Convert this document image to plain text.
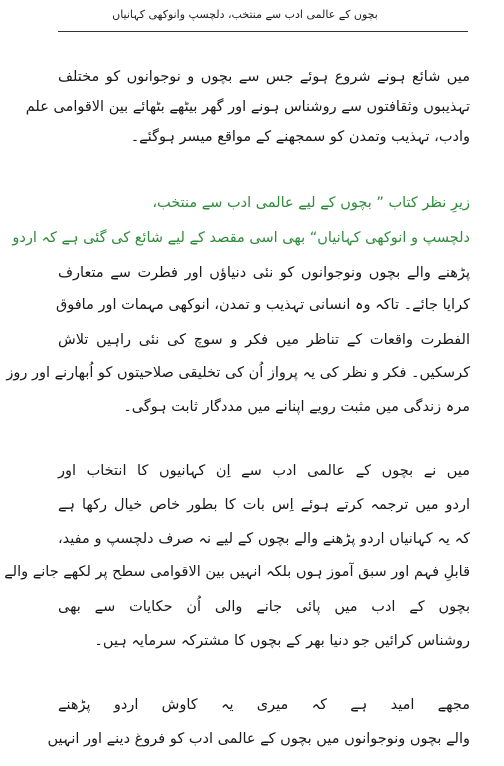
بچوں کے عالمی ادب سے منتخب، دلچسپ وانوکھی کہانیاں
میں شائع ہونے شروع ہوئے جس سے بچوں و نوجوانوں کو مختلف
تہذیبوں وثقافتوں سے روشناس ہونے اور گھر بیٹھے بٹھائے بین الاقوامی علم
وادب، تہذیب وتمدن کو سمجھنے کے مواقع میسر ہوگئے۔
زیرِ نظر کتاب ” بچوں کے لیے عالمی ادب سے منتخب،
دلچسپ و انوکھی کہانیاں“ بھی اسی مقصد کے لیے شائع کی گئی ہے کہ اردو
پڑھنے والے بچوں ونوجوانوں کو نئی دنیاؤں اور فطرت سے متعارف
کرایا جائے۔ تاکہ وہ انسانی تہذیب و تمدن، انوکھی مہمات اور مافوق
الفطرت واقعات کے تناظر میں فکر و سوچ کی نئی راہیں تلاش
کرسکیں۔ فکر و نظر کی یہ پرواز اُن کی تخلیقی صلاحیتوں کو اُبھارنے اور روز
مرہ زندگی میں مثبت رویے اپنانے میں مددگار ثابت ہوگی۔
میں نے بچوں کے عالمی ادب سے اِن کہانیوں کا انتخاب اور
اردو میں ترجمہ کرتے ہوئے اِس بات کا بطور خاص خیال رکھا ہے
کہ یہ کہانیاں اردو پڑھنے والے بچوں کے لیے نہ صرف دلچسپ و مفید،
قابلِ فہم اور سبق آموز ہوں بلکہ انہیں بین الاقوامی سطح پر لکھے جانے والے
بچوں کے ادب میں پائی جانے والی اُن حکایات سے بھی
روشناس کرائیں جو دنیا بھر کے بچوں کا مشترکہ سرمایہ ہیں۔
مجھے امید ہے کہ میری یہ کاوش اردو پڑھنے
والے بچوں ونوجوانوں میں بچوں کے عالمی ادب کو فروغ دینے اور انہیں
